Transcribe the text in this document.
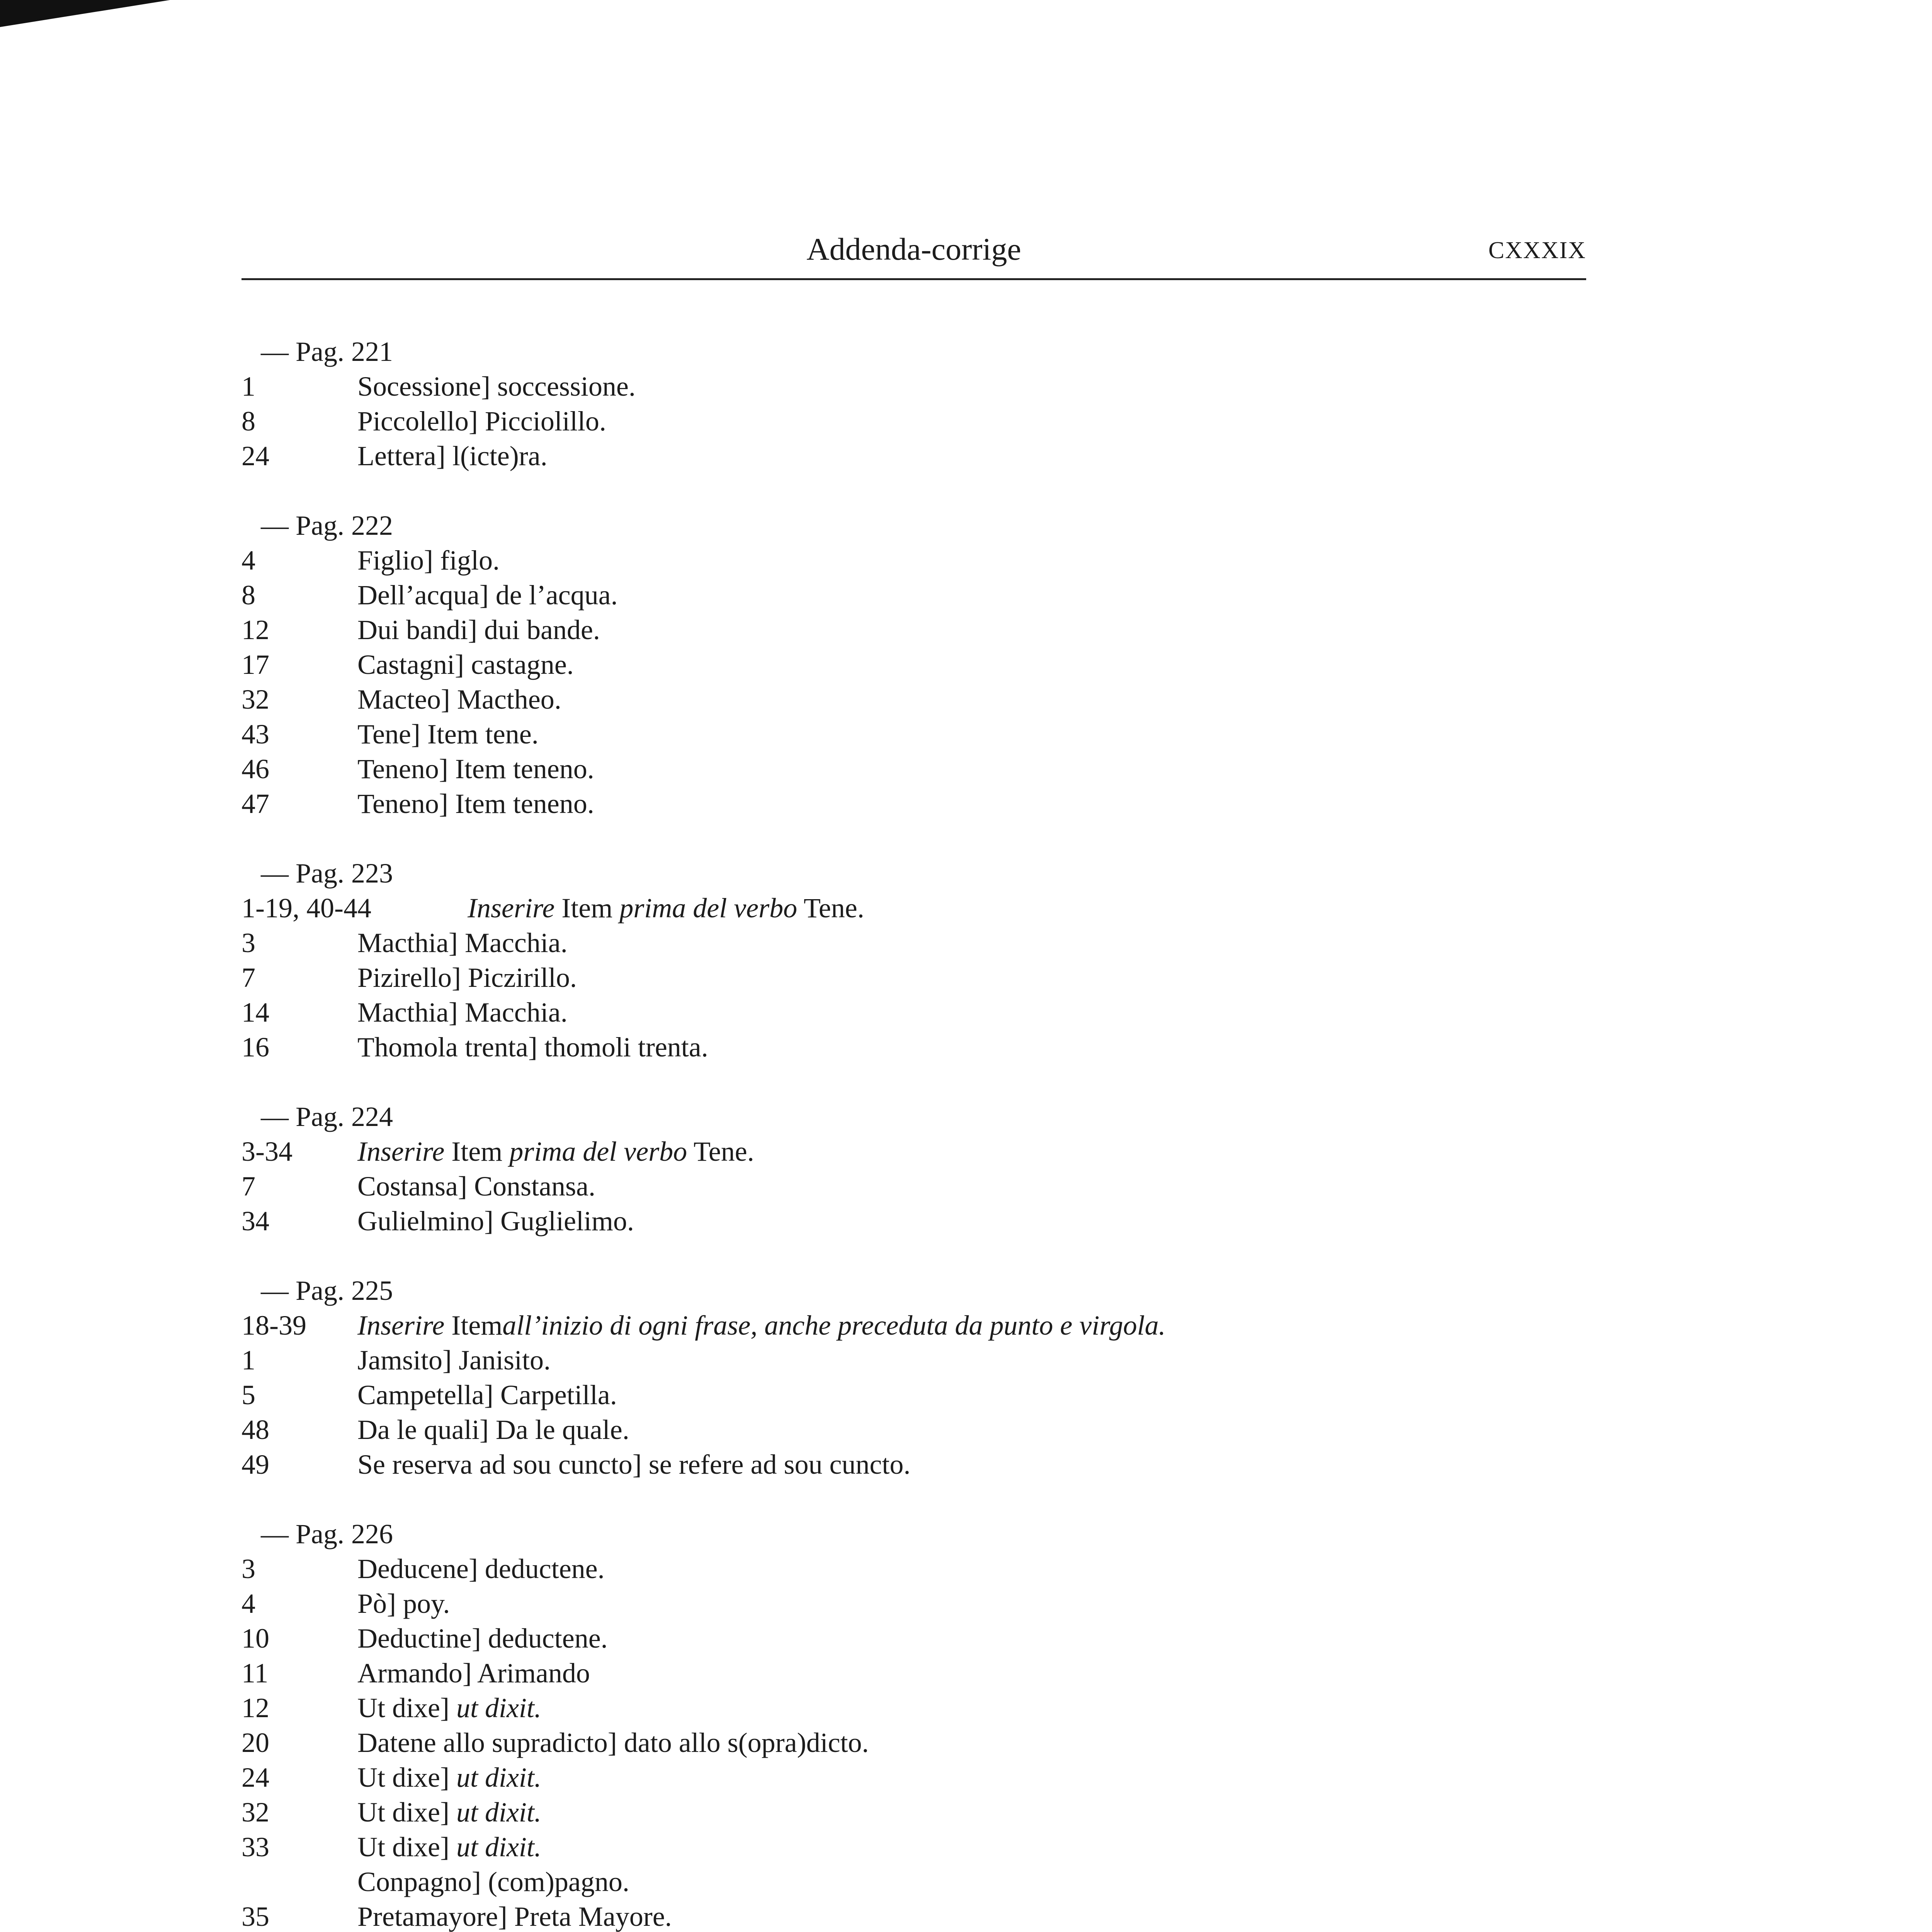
Addenda-corrige	CXXXIX
— Pag. 221
1	Socessione] soccessione.
8	Piccolello] Picciolillo.
24	Lettera] l(icte)ra.
— Pag. 222
4	Figlio] figlo.
8	Dell’acqua] de l’acqua.
12	Dui bandi] dui bande.
17	Castagni] castagne.
32	Macteo] Mactheo.
43	Tene] Item tene.
46	Teneno] Item teneno.
47	Teneno] Item teneno.
— Pag. 223
1-19, 40-44	Inserire Item prima del verbo Tene.
3	Macthia] Macchia.
7	Pizirello] Piczirillo.
14	Macthia] Macchia.
16	Thomola trenta] thomoli trenta.
— Pag. 224
3-34 Inserire Item prima del verbo Tene.
7	Costansa] Constansa.
34	Gulielmino] Guglielimo.
— Pag. 225
18-39 Inserire Itemall’inizio di ogni frase, anche preceduta da punto e virgola.
1	Jamsito] Janisito.
5	Campetella] Carpetilla.
48	Da le quali] Da le quale.
49	Se reserva ad sou cuncto] se refere ad sou cuncto.
— Pag. 226
3	Deducene] deductene.
4	Pò] poy.
10	Deductine] deductene.
11	Armando] Arimando
12	Ut dixe] ut dixit.
20	Datene allo supradicto] dato allo s(opra)dicto.
24	Ut dixe] ut dixit.
32	Ut dixe] ut dixit.
33	Ut dixe] ut dixit.
Conpagno] (com)pagno.
35	Pretamayore] Preta Mayore.
